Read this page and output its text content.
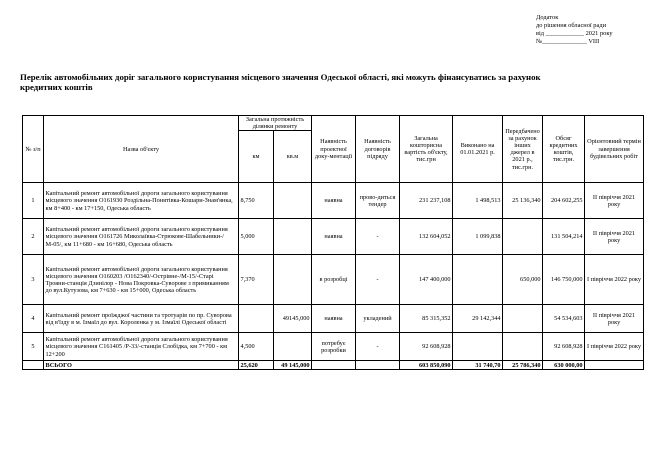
Додаток
до рішення обласної ради
від ____________ 2021 року
№______________ VIII
Перелік автомобільних доріг загального користування місцевого значення Одеської області, які можуть фінансуватись за рахунок
кредитних коштів
№ з/п	Назва об'єкту	Загальна протяжність ділянки ремонту		Наявність проектної доку-ментації	Наявність договорів підряду	Загальна кошторисна вартість об'єкту, тис.грн	Виконано на 01.01.2021 р.	Передбачено за рахунок інших джерел в 2021 р., тис.грн.	Обсяг кредитних коштів, тис.грн.	Орієнтовний термін завершення будівельних робіт
		км	кв.м							
1	Капітальний ремонт автомобільної дороги загального користування місцевого значення О161930 Роздільна-Понятівка-Кошари-Знам'янка, км 8+400 - км 17+150, Одеська область	8,750		наявна	прово-диться тендер	231 237,108	1 498,513	25 136,340	204 602,255	II півріччя 2021 року
2	Капітальний ремонт автомобільної дороги загального користування місцевого значення О161726 Миколаївка-Стрюкове-Шабельники-/М-05/, км 11+680 - км 16+680, Одеська область	5,000		наявна	-	132 604,052	1 099,838		131 504,214	II півріччя 2021 року
3	Капітальний ремонт автомобільної дороги загального користування місцевого значення О160203 /О162340/-Острівне-/М-15/-Старі Трояни-станція Дзинілор - Нова Покровка-Суворове з примиканням до вул.Кутузова, км 7+630 - км 15+000, Одеська область	7,370		в розробці	-	147 400,000		650,000	146 750,000	I півріччя 2022 року
4	Капітальний ремонт проїжджої частини та тротуарів по пр. Суворова від в'їзду в м. Ізмаїл до вул. Короленка у м. Ізмаїлі Одеської області		49145,000	наявна	укладений	85 315,352	29 142,344		54 534,603	II півріччя 2021 року
5	Капітальний ремонт автомобільної дороги загального користування місцевого значення С161405 /Р-33/-станція Слобідка, км 7+700 - км 12+200	4,500		потребує розробки	-	92 608,928			92 608,928	I півріччя 2022 року
	ВСЬОГО	25,620	49 145,000			603 850,090	31 740,70	25 786,340	630 000,00	
